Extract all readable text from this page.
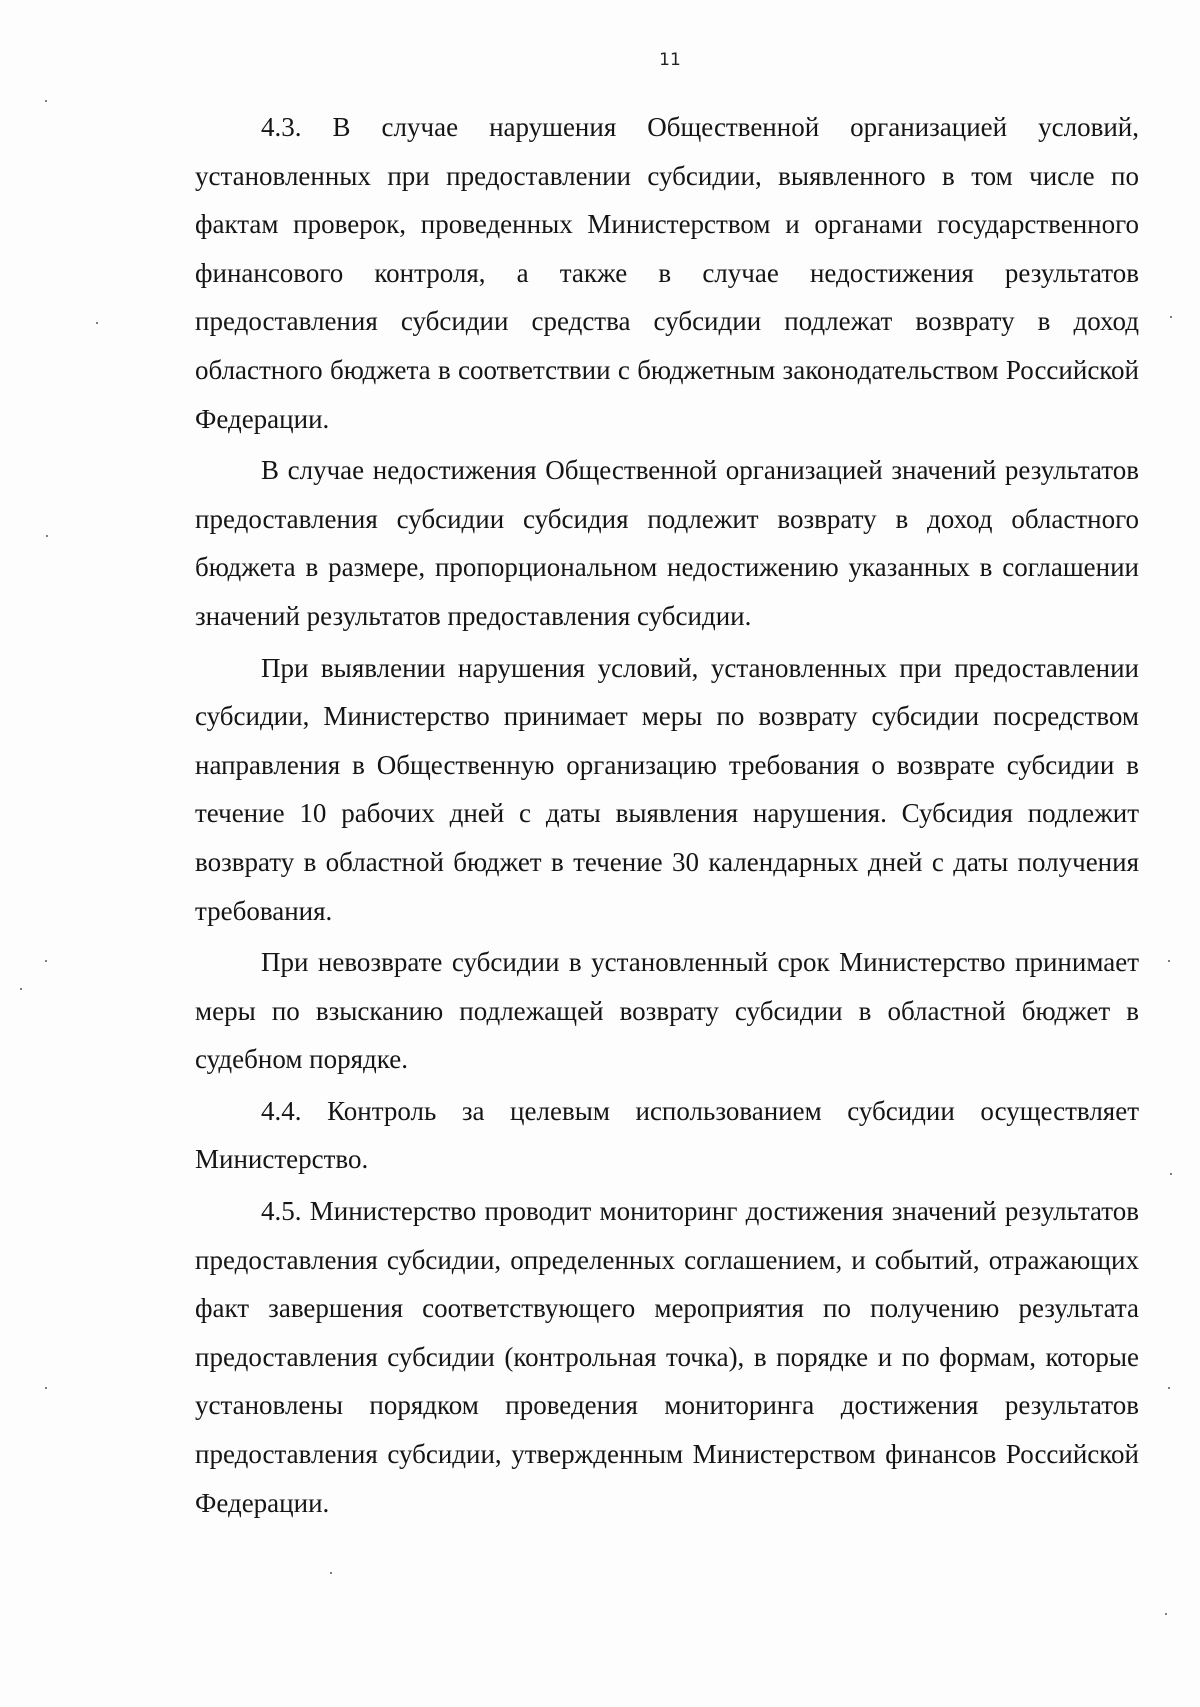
11

4.3. В случае нарушения Общественной организацией условий, установленных при предоставлении субсидии, выявленного в том числе по фактам проверок, проведенных Министерством и органами государственного финансового контроля, а также в случае недостижения результатов предоставления субсидии средства субсидии подлежат возврату в доход областного бюджета в соответствии с бюджетным законодательством Российской Федерации.

В случае недостижения Общественной организацией значений результатов предоставления субсидии субсидия подлежит возврату в доход областного бюджета в размере, пропорциональном недостижению указанных в соглашении значений результатов предоставления субсидии.

При выявлении нарушения условий, установленных при предоставлении субсидии, Министерство принимает меры по возврату субсидии посредством направления в Общественную организацию требования о возврате субсидии в течение 10 рабочих дней с даты выявления нарушения. Субсидия подлежит возврату в областной бюджет в течение 30 календарных дней с даты получения требования.

При невозврате субсидии в установленный срок Министерство принимает меры по взысканию подлежащей возврату субсидии в областной бюджет в судебном порядке.

4.4. Контроль за целевым использованием субсидии осуществляет Министерство.

4.5. Министерство проводит мониторинг достижения значений результатов предоставления субсидии, определенных соглашением, и событий, отражающих факт завершения соответствующего мероприятия по получению результата предоставления субсидии (контрольная точка), в порядке и по формам, которые установлены порядком проведения мониторинга достижения результатов предоставления субсидии, утвержденным Министерством финансов Российской Федерации.
